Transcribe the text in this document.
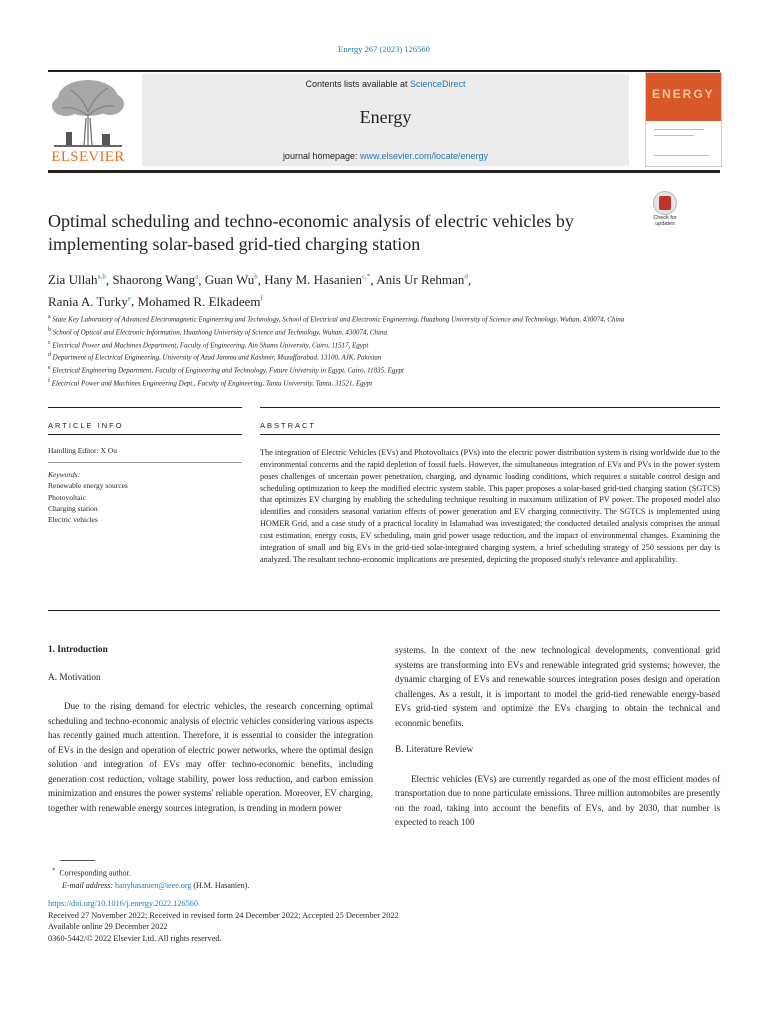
Energy 267 (2023) 126560
ELSEVIER
Contents lists available at ScienceDirect
Energy
journal homepage: www.elsevier.com/locate/energy
ENERGY
Optimal scheduling and techno-economic analysis of electric vehicles by
implementing solar-based grid-tied charging station
Check for updates
Zia Ullah$^{a,b}$, Shaorong Wang$^a$, Guan Wu$^b$, Hany M. Hasanien$^{c,*}$, Anis Ur Rehman$^d$,
Rania A. Turky$^e$, Mohamed R. Elkadeem$^f$
$^a$ State Key Laboratory of Advanced Electromagnetic Engineering and Technology, School of Electrical and Electronic Engineering, Huazhong University of Science and Technology, Wuhan, 430074, China
$^b$ School of Optical and Electronic Information, Huazhong University of Science and Technology, Wuhan, 430074, China
$^c$ Electrical Power and Machines Department, Faculty of Engineering, Ain Shams University, Cairo, 11517, Egypt
$^d$ Department of Electrical Engineering, University of Azad Jammu and Kashmir, Muzaffarabad, 13100, AJK, Pakistan
$^e$ Electrical Engineering Department, Faculty of Engineering and Technology, Future University in Egypt, Cairo, 11835, Egypt
$^f$ Electrical Power and Machines Engineering Dept., Faculty of Engineering, Tanta University, Tanta, 31521, Egypt
ARTICLE INFO	ABSTRACT
Handling Editor: X Ou
Keywords:
Renewable energy sources
Photovoltaic
Charging station
Electric vehicles
The integration of Electric Vehicles (EVs) and Photovoltaics (PVs) into the electric power distribution system is rising worldwide due to the environmental concerns and the rapid depletion of fossil fuels. However, the simultaneous integration of EVs and PVs in the power system poses challenges of uncertain power penetration, charging, and dynamic loading conditions, which requires a suitable control design and scheduling optimization to keep the modified electric system stable. This paper proposes a solar-based grid-tied charging station (SGTCS) that optimizes EV charging by enabling the scheduling technique resulting in maximum utilization of PV power. The proposed model also identifies and considers seasonal variation effects of power generation and EV charging connectivity. The SGTCS is implemented using HOMER Grid, and a case study of a practical locality in Islamabad was investigated; the conducted detailed analysis comprises the annual cost estimation, energy costs, EV scheduling, main grid power usage reduction, and the impact of environmental changes. Examining the integration of small and big EVs in the grid-tied solar-integrated charging system, a brief scheduling strategy of 250 sessions per day is analyzed. The resultant techno-economic implications are presented, depicting the proposed study's relevance and applicability.
1. Introduction
A. Motivation

Due to the rising demand for electric vehicles, the research concerning optimal scheduling and techno-economic analysis of electric vehicles considering various aspects has recently gained much attention. Therefore, it is essential to consider the integration of EVs in the design and operation of electric power networks, where the optimal design solution and integration of EVs may offer techno-economic benefits, including generation cost reduction, voltage stability, power loss reduction, and carbon emission minimization and ensures the power systems' reliable operation. Moreover, EV charging, together with renewable energy sources integration, is trending in modern power

systems. In the context of the new technological developments, conventional grid systems are transforming into EVs and renewable integrated grid systems; however, the dynamic charging of EVs and renewable sources integration poses design and operation challenges. As a result, it is important to model the grid-tied renewable energy-based EVs grid-tied system and optimize the EVs charging to obtain the technical and economic benefits.

B. Literature Review

Electric vehicles (EVs) are currently regarded as one of the most efficient modes of transportation due to none particulate emissions. Three million automobiles are presently on the road, taking into account the benefits of EVs, and by 2030, that number is expected to reach 100

* Corresponding author.
E-mail address: hanyhasanien@ieee.org (H.M. Hasanien).
https://doi.org/10.1016/j.energy.2022.126560
Received 27 November 2022; Received in revised form 24 December 2022; Accepted 25 December 2022
Available online 29 December 2022
0360-5442/© 2022 Elsevier Ltd. All rights reserved.
